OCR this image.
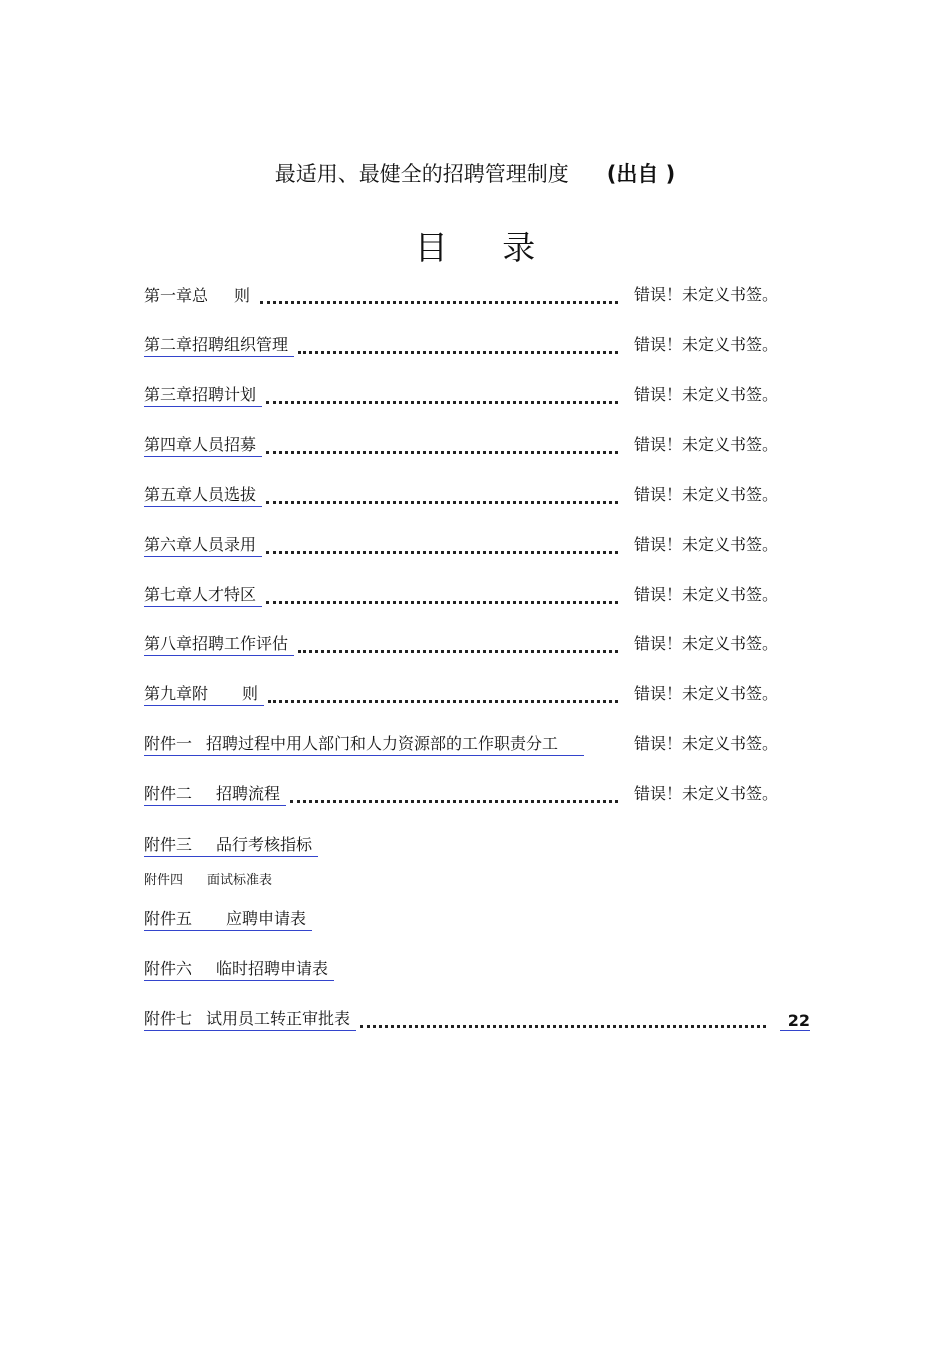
最适用、最健全的招聘管理制度 (出自 )
目 录
第一章总 则	错误！未定义书签。
第二章招聘组织管理	错误！未定义书签。
第三章招聘计划	错误！未定义书签。
第四章人员招募	错误！未定义书签。
第五章人员选拔	错误！未定义书签。
第六章人员录用	错误！未定义书签。
第七章人才特区	错误！未定义书签。
第八章招聘工作评估	错误！未定义书签。
第九章附 则	错误！未定义书签。
附件一 招聘过程中用人部门和人力资源部的工作职责分工	错误！未定义书签。
附件二 招聘流程	错误！未定义书签。
附件三 品行考核指标
附件四 面试标准表
附件五 应聘申请表
附件六 临时招聘申请表
附件七 试用员工转正审批表	22
